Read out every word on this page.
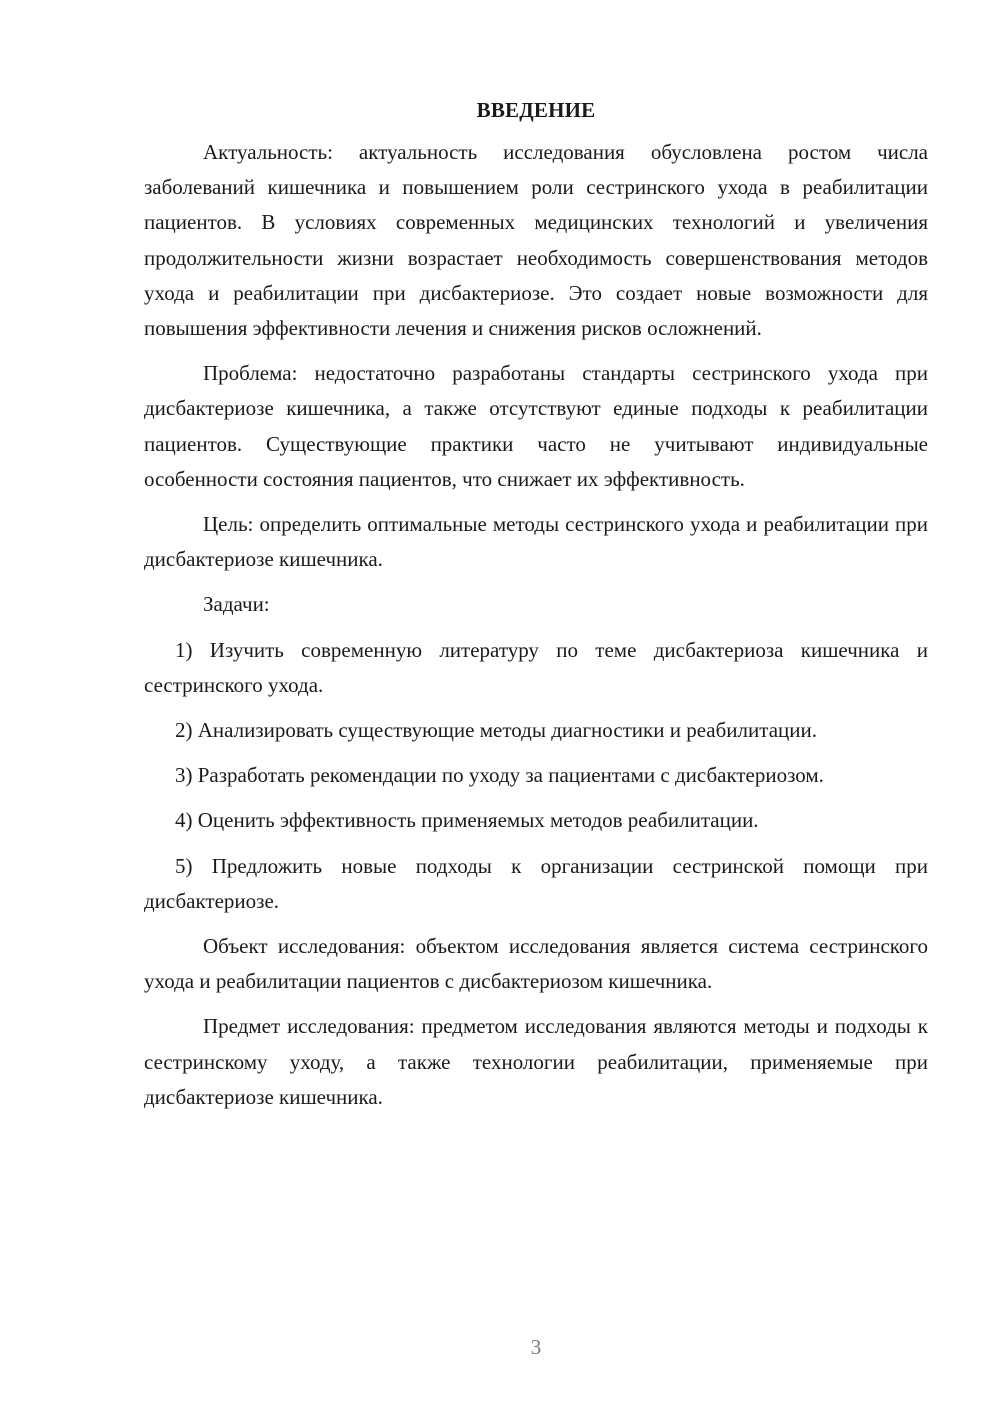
ВВЕДЕНИЕ

Актуальность: актуальность исследования обусловлена ростом числа заболеваний кишечника и повышением роли сестринского ухода в реабилитации пациентов. В условиях современных медицинских технологий и увеличения продолжительности жизни возрастает необходимость совершенствования методов ухода и реабилитации при дисбактериозе. Это создает новые возможности для повышения эффективности лечения и снижения рисков осложнений.

Проблема: недостаточно разработаны стандарты сестринского ухода при дисбактериозе кишечника, а также отсутствуют единые подходы к реабилитации пациентов. Существующие практики часто не учитывают индивидуальные особенности состояния пациентов, что снижает их эффективность.

Цель: определить оптимальные методы сестринского ухода и реабилитации при дисбактериозе кишечника.

Задачи:

1) Изучить современную литературу по теме дисбактериоза кишечника и сестринского ухода.

2) Анализировать существующие методы диагностики и реабилитации.

3) Разработать рекомендации по уходу за пациентами с дисбактериозом.

4) Оценить эффективность применяемых методов реабилитации.

5) Предложить новые подходы к организации сестринской помощи при дисбактериозе.

Объект исследования: объектом исследования является система сестринского ухода и реабилитации пациентов с дисбактериозом кишечника.

Предмет исследования: предметом исследования являются методы и подходы к сестринскому уходу, а также технологии реабилитации, применяемые при дисбактериозе кишечника.

3
